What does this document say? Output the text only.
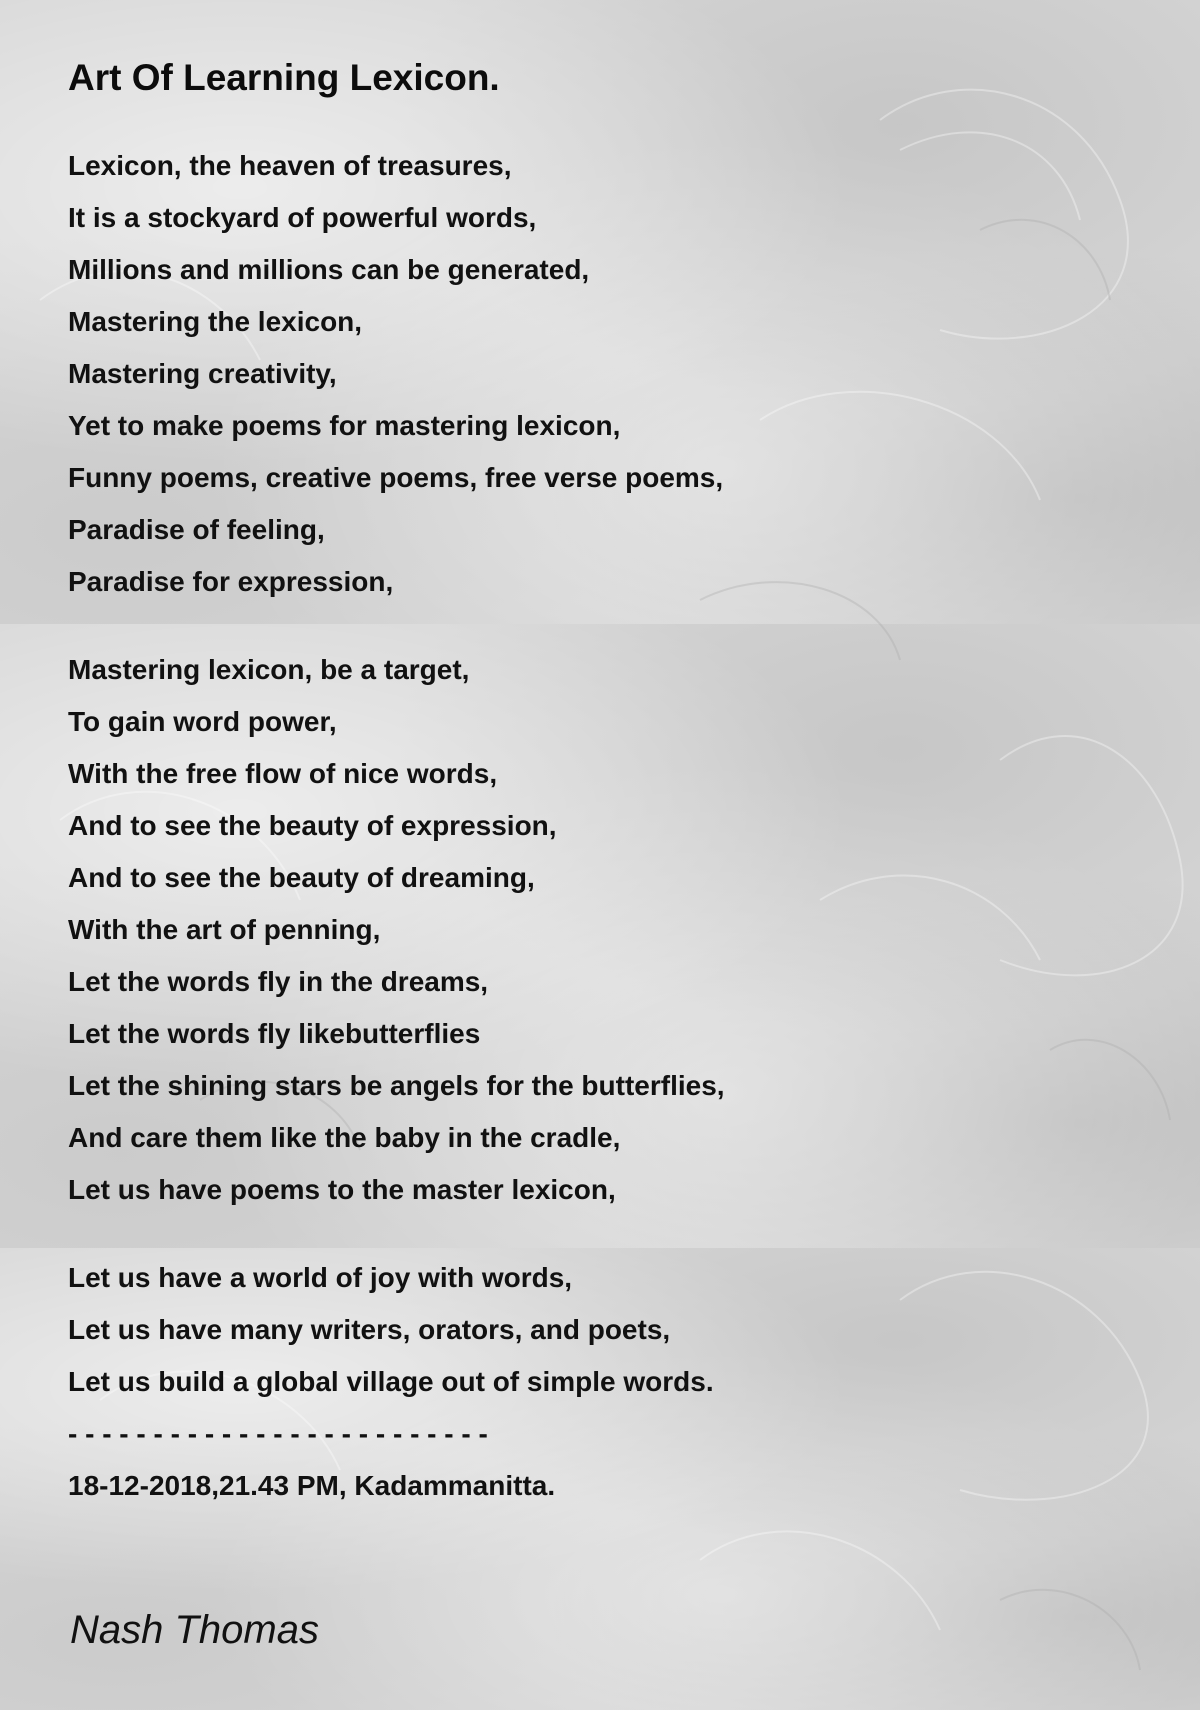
Art Of Learning Lexicon.
Lexicon, the heaven of treasures,
It is a stockyard of powerful words,
Millions and millions can be generated,
Mastering the lexicon,
Mastering creativity,
Yet to make poems for mastering lexicon,
Funny poems, creative poems, free verse poems,
Paradise of feeling,
Paradise for expression,
Mastering lexicon, be a target,
To gain word power,
With the free flow of nice words,
And to see the beauty of expression,
And to see the beauty of dreaming,
With the art of penning,
Let the words fly in the dreams,
Let the words fly likebutterflies
Let the shining stars be angels for the butterflies,
And care them like the baby in the cradle,
Let us have poems to the master lexicon,
Let us have a world of joy with words,
Let us have many writers, orators, and poets,
Let us build a global village out of simple words.
- - - - - - - - - - - - - - - - - - - - - - - - -
18-12-2018,21.43 PM, Kadammanitta.
Nash Thomas
